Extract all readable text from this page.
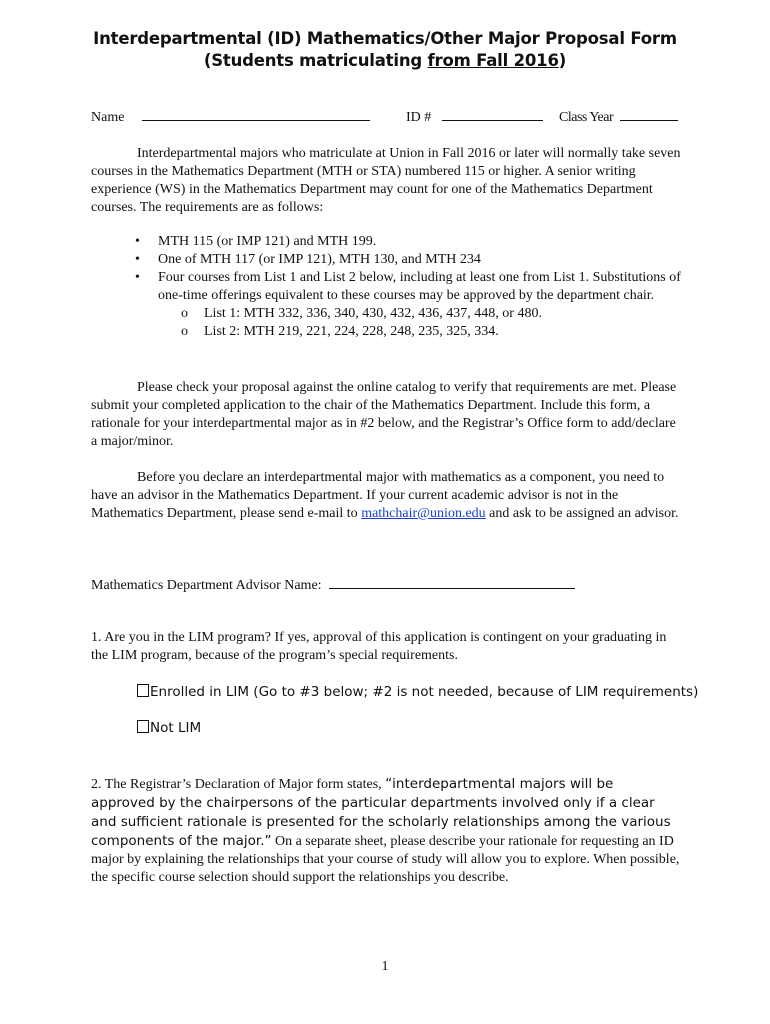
Interdepartmental (ID) Mathematics/Other Major Proposal Form
(Students matriculating from Fall 2016)
Name	ID #	Class Year
Interdepartmental majors who matriculate at Union in Fall 2016 or later will normally take seven courses in the Mathematics Department (MTH or STA) numbered 115 or higher. A senior writing experience (WS) in the Mathematics Department may count for one of the Mathematics Department courses. The requirements are as follows:
• MTH 115 (or IMP 121) and MTH 199.
• One of MTH 117 (or IMP 121), MTH 130, and MTH 234
• Four courses from List 1 and List 2 below, including at least one from List 1. Substitutions of one-time offerings equivalent to these courses may be approved by the department chair.
o List 1: MTH 332, 336, 340, 430, 432, 436, 437, 448, or 480.
o List 2: MTH 219, 221, 224, 228, 248, 235, 325, 334.
Please check your proposal against the online catalog to verify that requirements are met. Please submit your completed application to the chair of the Mathematics Department. Include this form, a rationale for your interdepartmental major as in #2 below, and the Registrar’s Office form to add/declare a major/minor.
Before you declare an interdepartmental major with mathematics as a component, you need to have an advisor in the Mathematics Department. If your current academic advisor is not in the Mathematics Department, please send e-mail to mathchair@union.edu and ask to be assigned an advisor.
Mathematics Department Advisor Name:
1. Are you in the LIM program? If yes, approval of this application is contingent on your graduating in the LIM program, because of the program’s special requirements.
Enrolled in LIM (Go to #3 below; #2 is not needed, because of LIM requirements)
Not LIM
2. The Registrar’s Declaration of Major form states, “interdepartmental majors will be approved by the chairpersons of the particular departments involved only if a clear and sufficient rationale is presented for the scholarly relationships among the various components of the major.” On a separate sheet, please describe your rationale for requesting an ID major by explaining the relationships that your course of study will allow you to explore. When possible, the specific course selection should support the relationships you describe.
1
